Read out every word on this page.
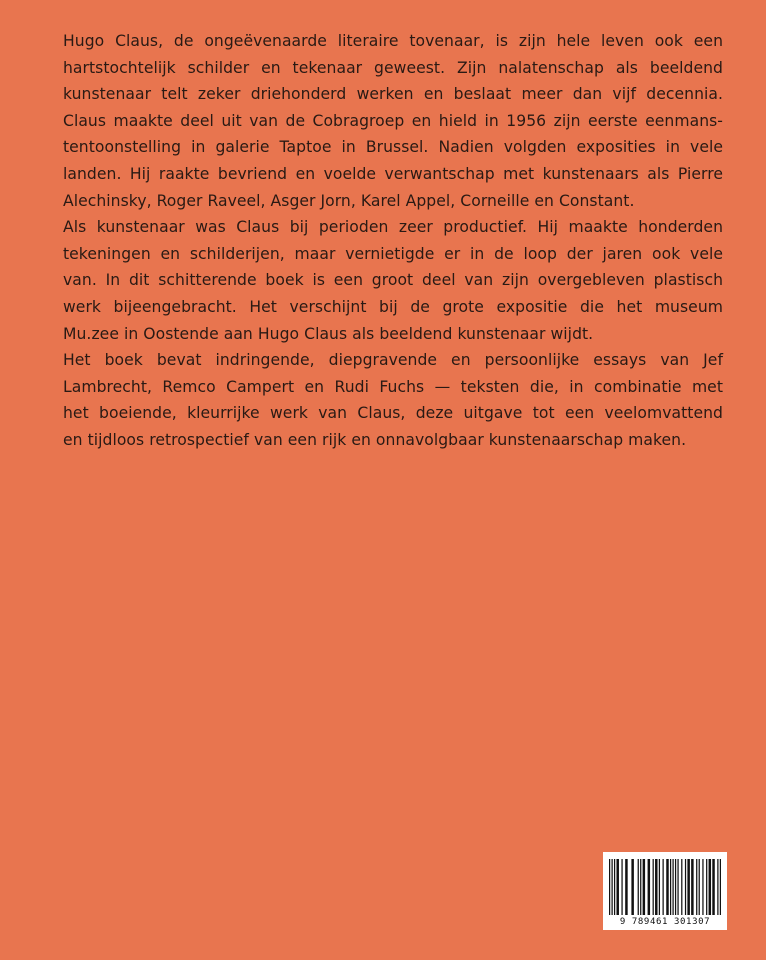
Hugo Claus, de ongeëvenaarde literaire tovenaar, is zijn hele leven ook een
hartstochtelijk schilder en tekenaar geweest. Zijn nalatenschap als beeldend
kunstenaar telt zeker driehonderd werken en beslaat meer dan vijf decennia.
Claus maakte deel uit van de Cobragroep en hield in 1956 zijn eerste eenmans-
tentoonstelling in galerie Taptoe in Brussel. Nadien volgden exposities in vele
landen. Hij raakte bevriend en voelde verwantschap met kunstenaars als Pierre
Alechinsky, Roger Raveel, Asger Jorn, Karel Appel, Corneille en Constant.
Als kunstenaar was Claus bij perioden zeer productief. Hij maakte honderden
tekeningen en schilderijen, maar vernietigde er in de loop der jaren ook vele
van. In dit schitterende boek is een groot deel van zijn overgebleven plastisch
werk bijeengebracht. Het verschijnt bij de grote expositie die het museum
Mu.zee in Oostende aan Hugo Claus als beeldend kunstenaar wijdt.
Het boek bevat indringende, diepgravende en persoonlijke essays van Jef
Lambrecht, Remco Campert en Rudi Fuchs — teksten die, in combinatie met
het boeiende, kleurrijke werk van Claus, deze uitgave tot een veelomvattend
en tijdloos retrospectief van een rijk en onnavolgbaar kunstenaarschap maken.
9 789461 301307
